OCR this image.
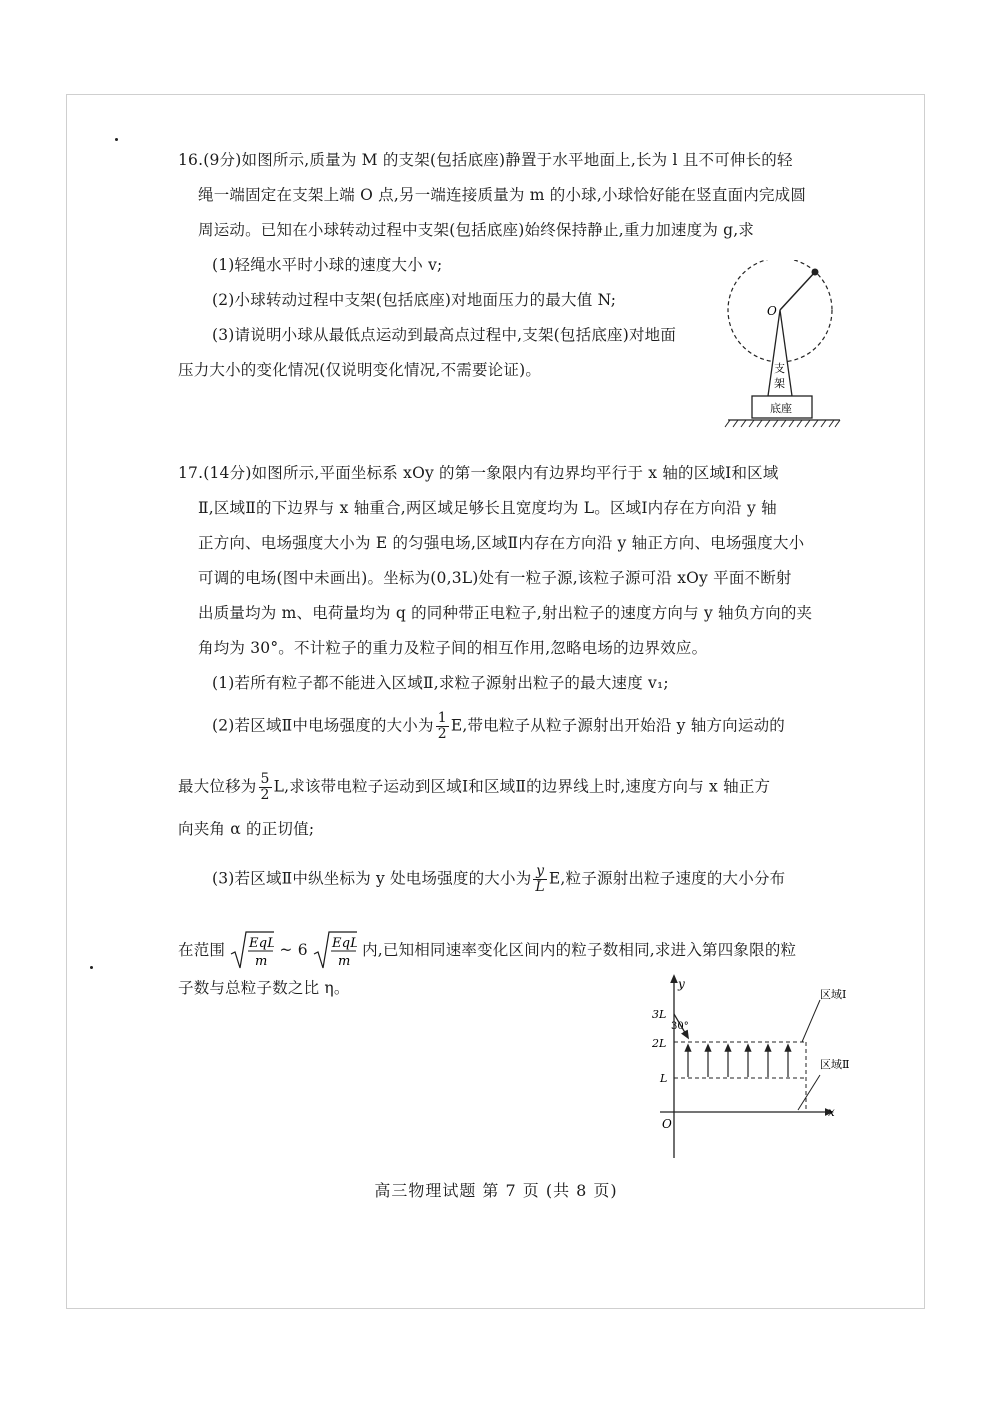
16.(9分)如图所示,质量为 M 的支架(包括底座)静置于水平地面上,长为 l 且不可伸长的轻
绳一端固定在支架上端 O 点,另一端连接质量为 m 的小球,小球恰好能在竖直面内完成圆
周运动。已知在小球转动过程中支架(包括底座)始终保持静止,重力加速度为 g,求
(1)轻绳水平时小球的速度大小 v;
(2)小球转动过程中支架(包括底座)对地面压力的最大值 N;
(3)请说明小球从最低点运动到最高点过程中,支架(包括底座)对地面
压力大小的变化情况(仅说明变化情况,不需要论证)。
O
支
架
底座
17.(14分)如图所示,平面坐标系 xOy 的第一象限内有边界均平行于 x 轴的区域Ⅰ和区域
Ⅱ,区域Ⅱ的下边界与 x 轴重合,两区域足够长且宽度均为 L。区域Ⅰ内存在方向沿 y 轴
正方向、电场强度大小为 E 的匀强电场,区域Ⅱ内存在方向沿 y 轴正方向、电场强度大小
可调的电场(图中未画出)。坐标为(0,3L)处有一粒子源,该粒子源可沿 xOy 平面不断射
出质量均为 m、电荷量均为 q 的同种带正电粒子,射出粒子的速度方向与 y 轴负方向的夹
角均为 30°。不计粒子的重力及粒子间的相互作用,忽略电场的边界效应。
(1)若所有粒子都不能进入区域Ⅱ,求粒子源射出粒子的最大速度 v₁;
(2)若区域Ⅱ中电场强度的大小为 $\frac{1}{2} E$,带电粒子从粒子源射出开始沿 y 轴方向运动的
最大位移为 $\frac{5}{2} L$,求该带电粒子运动到区域Ⅰ和区域Ⅱ的边界线上时,速度方向与 x 轴正方
向夹角 α 的正切值;
(3)若区域Ⅱ中纵坐标为 y 处电场强度的大小为 $\frac{y}{L} E$,粒子源射出粒子速度的大小分布
在范围 EqL
m
~ 6 EqL
m
内,已知相同速率变化区间内的粒子数相同,求进入第四象限的粒
子数与总粒子数之比 η。	y
x
O
3L
2L
L
30°
区域Ⅰ
区域Ⅱ
高三物理试题 第 7 页 (共 8 页)
